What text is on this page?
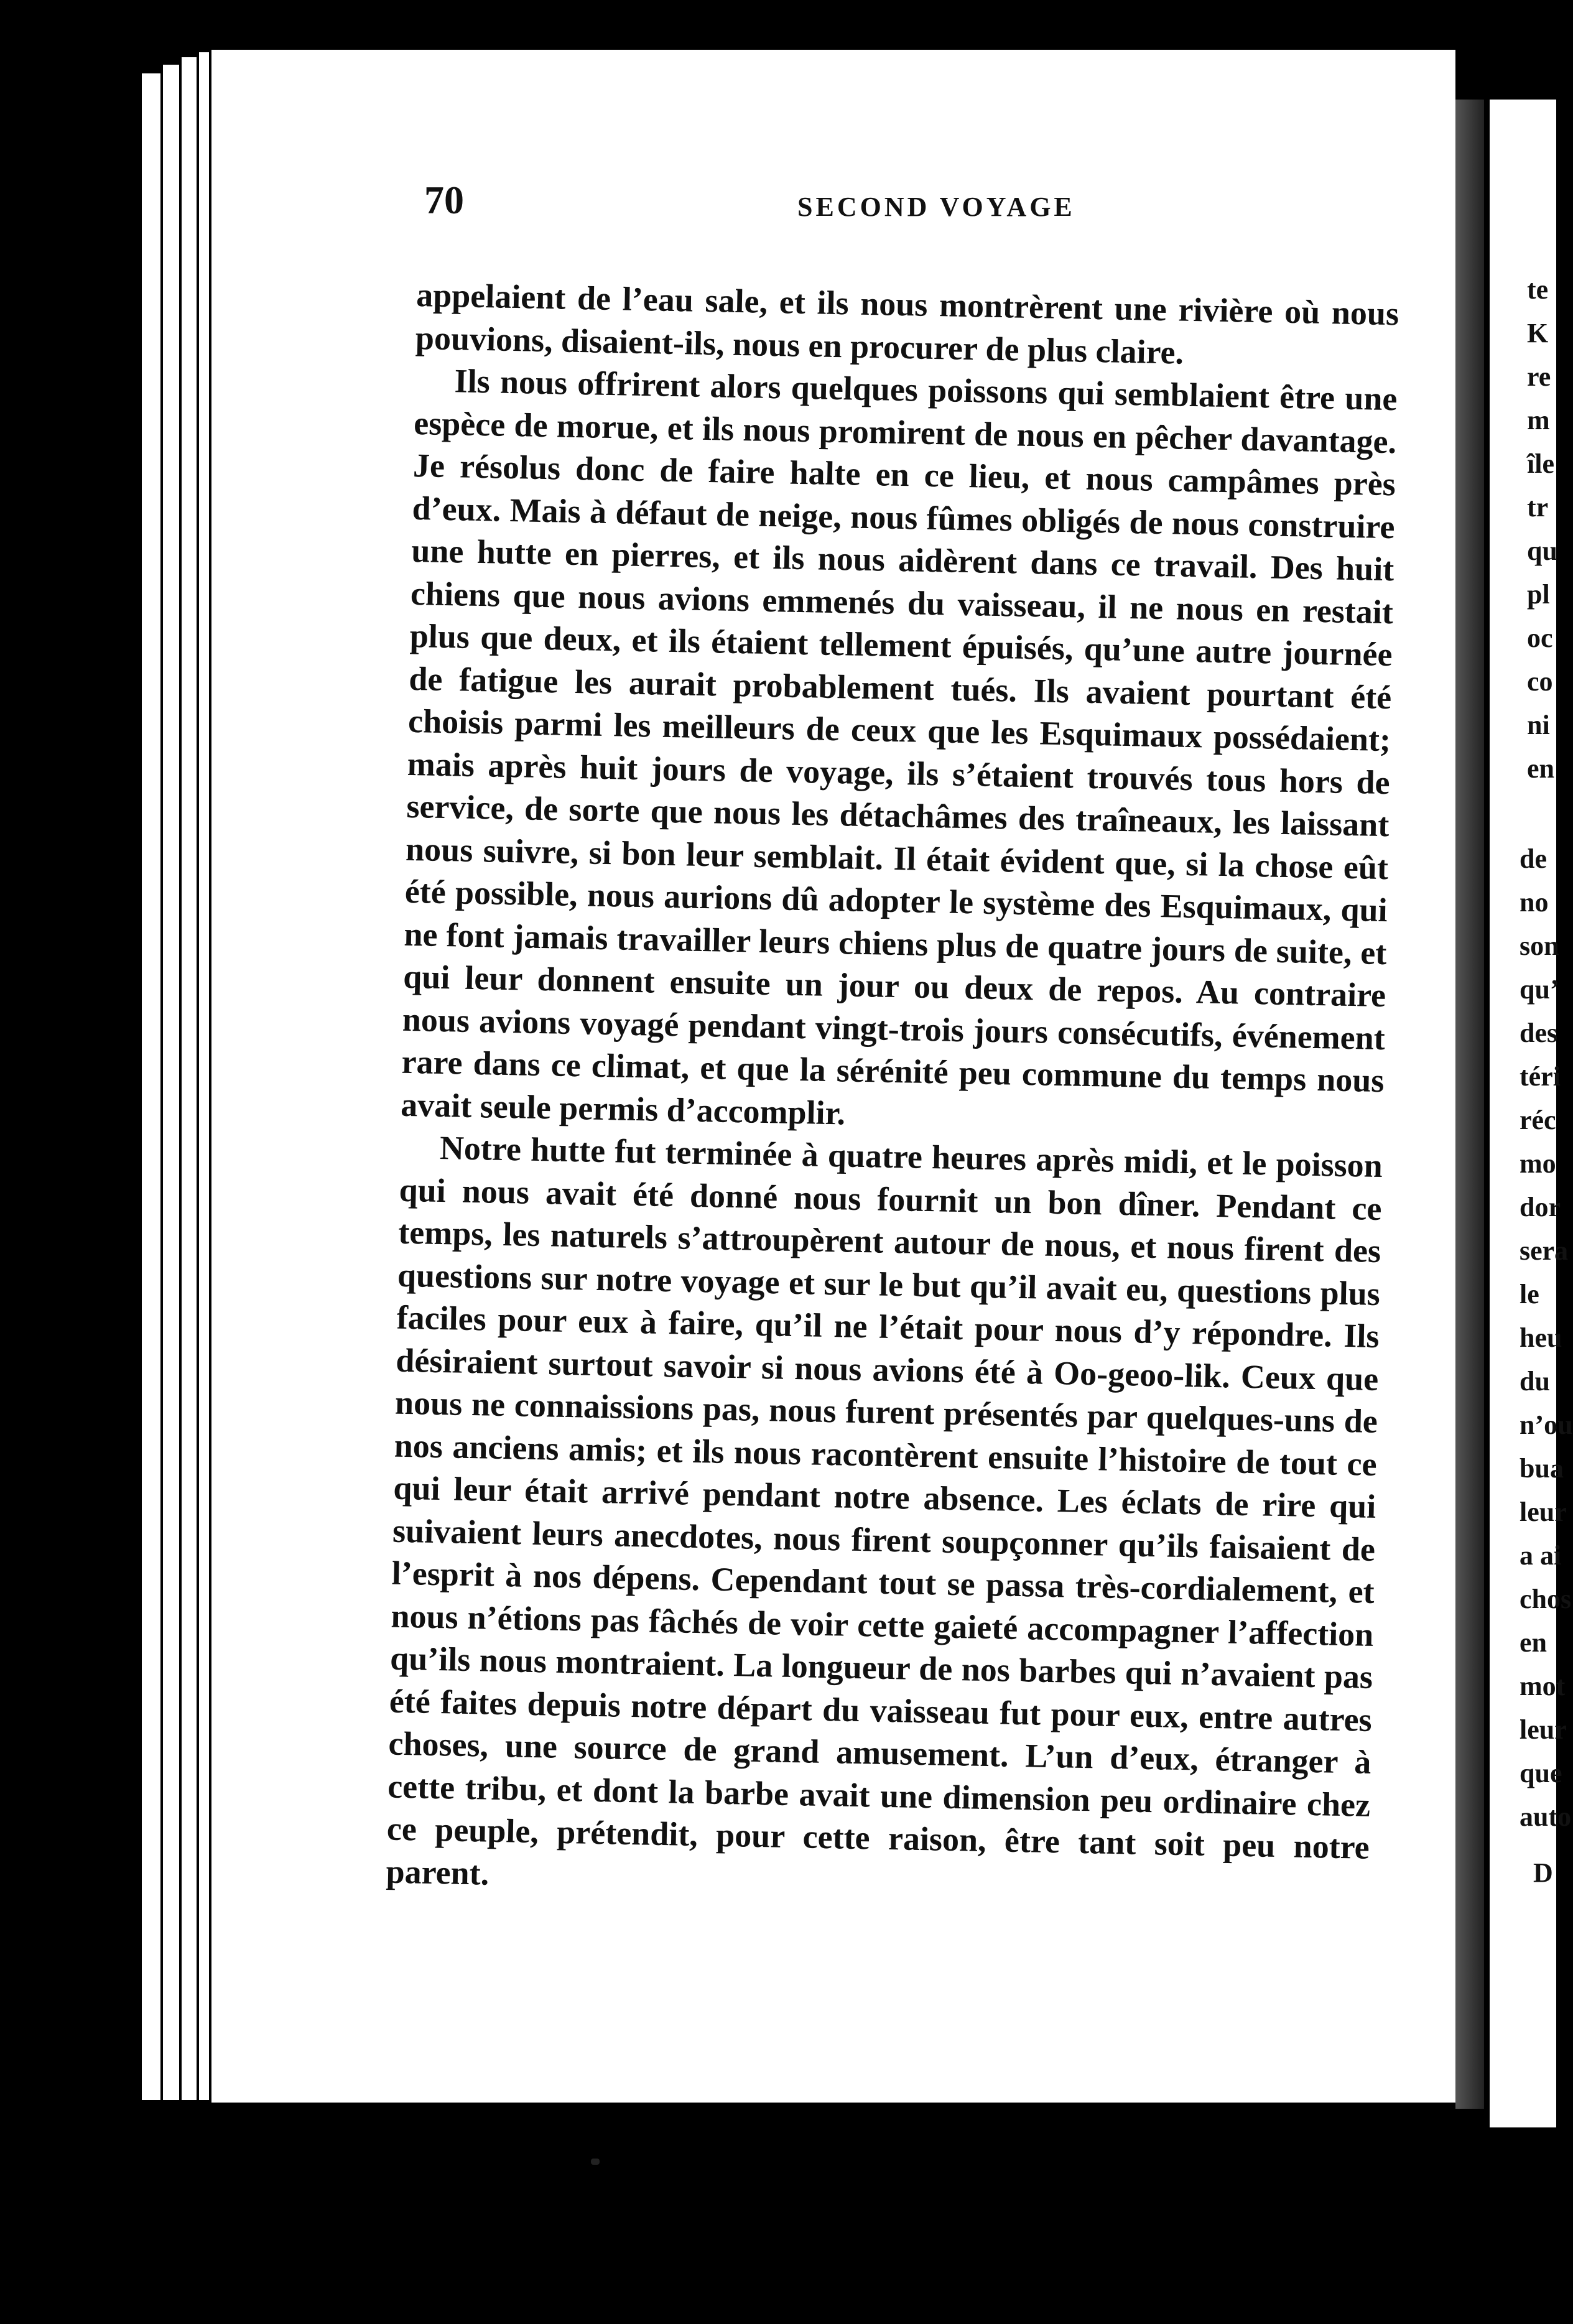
70	SECOND VOYAGE

appelaient de l’eau sale, et ils nous montrèrent une rivière où nous pouvions, disaient-ils, nous en procurer de plus claire.

Ils nous offrirent alors quelques poissons qui semblaient être une espèce de morue, et ils nous promirent de nous en pêcher davantage. Je résolus donc de faire halte en ce lieu, et nous campâmes près d’eux. Mais à défaut de neige, nous fûmes obligés de nous construire une hutte en pierres, et ils nous aidèrent dans ce travail. Des huit chiens que nous avions emmenés du vaisseau, il ne nous en restait plus que deux, et ils étaient tellement épuisés, qu’une autre journée de fatigue les aurait probablement tués. Ils avaient pourtant été choisis parmi les meilleurs de ceux que les Esquimaux possédaient; mais après huit jours de voyage, ils s’étaient trouvés tous hors de service, de sorte que nous les détachâmes des traîneaux, les laissant nous suivre, si bon leur semblait. Il était évident que, si la chose eût été possible, nous aurions dû adopter le système des Esquimaux, qui ne font jamais travailler leurs chiens plus de quatre jours de suite, et qui leur donnent ensuite un jour ou deux de repos. Au contraire nous avions voyagé pendant vingt-trois jours consécutifs, événement rare dans ce climat, et que la sérénité peu commune du temps nous avait seule permis d’accomplir.

Notre hutte fut terminée à quatre heures après midi, et le poisson qui nous avait été donné nous fournit un bon dîner. Pendant ce temps, les naturels s’attroupèrent autour de nous, et nous firent des questions sur notre voyage et sur le but qu’il avait eu, questions plus faciles pour eux à faire, qu’il ne l’était pour nous d’y répondre. Ils désiraient surtout savoir si nous avions été à Oo-geoo-lik. Ceux que nous ne connaissions pas, nous furent présentés par quelques-uns de nos anciens amis; et ils nous racontèrent ensuite l’histoire de tout ce qui leur était arrivé pendant notre absence. Les éclats de rire qui suivaient leurs anecdotes, nous firent soupçonner qu’ils faisaient de l’esprit à nos dépens. Cependant tout se passa très-cordialement, et nous n’étions pas fâchés de voir cette gaieté accompagner l’affection qu’ils nous montraient. La longueur de nos barbes qui n’avaient pas été faites depuis notre départ du vaisseau fut pour eux, entre autres choses, une source de grand amusement. L’un d’eux, étranger à cette tribu, et dont la barbe avait une dimension peu ordinaire chez ce peuple, prétendit, pour cette raison, être tant soit peu notre parent.

te
K
re
m
île
tr
qu
pl
oc
co
ni
en
de
no
son
qu’
des
téri
réc
mo
dor
sera
le
heu
du
n’ou
bua
leur
a ai
chos
en
mot
leur
que
auto
D
